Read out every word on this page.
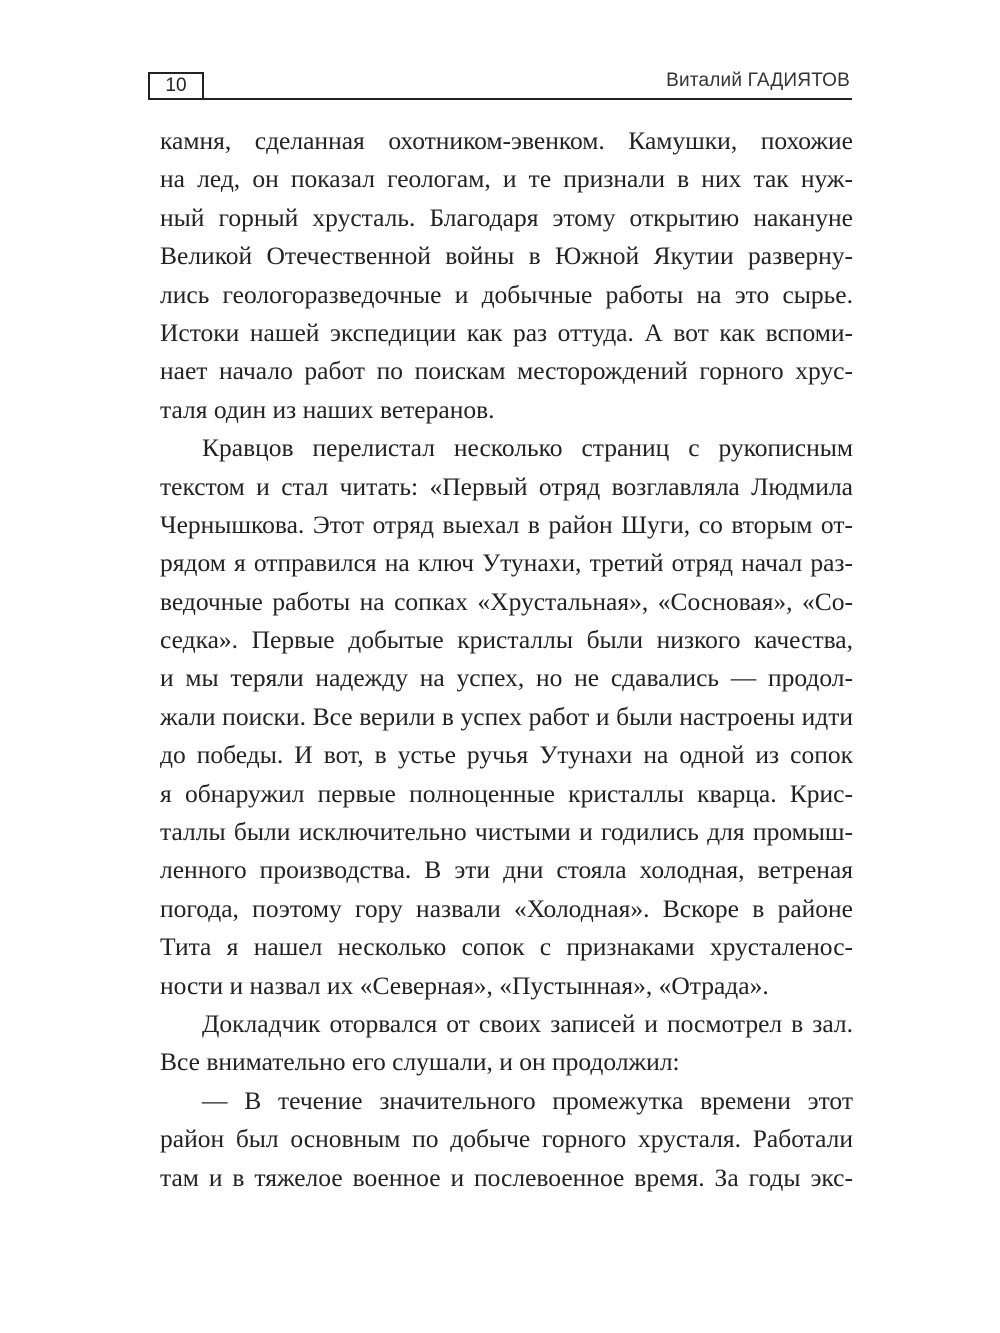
10	Виталий ГАДИЯТОВ
камня, сделанная охотником-эвенком. Камушки, похожие
на лед, он показал геологам, и те признали в них так нуж-
ный горный хрусталь. Благодаря этому открытию накануне
Великой Отечественной войны в Южной Якутии развернy-
лись геологоразведочные и добычные работы на это сырье.
Истоки нашей экспедиции как раз оттуда. А вот как вспоми-
нает начало работ по поискам месторождений горного хрус-
таля один из наших ветеранов.
Кравцов перелистал несколько страниц с рукописным
текстом и стал читать: «Первый отряд возглавляла Людмила
Чернышкова. Этот отряд выехал в район Шуги, со вторым от-
рядом я отправился на ключ Утунахи, третий отряд начал раз-
ведочные работы на сопках «Хрустальная», «Сосновая», «Со-
седка». Первые добытые кристаллы были низкого качества,
и мы теряли надежду на успех, но не сдавались — продол-
жали поиски. Все верили в успех работ и были настроены идти
до победы. И вот, в устье ручья Утунахи на одной из сопок
я обнаружил первые полноценные кристаллы кварца. Крис-
таллы были исключительно чистыми и годились для промыш-
ленного производства. В эти дни стояла холодная, ветреная
погода, поэтому гору назвали «Холодная». Вскоре в районе
Тита я нашел несколько сопок с признаками хрусталенос-
ности и назвал их «Северная», «Пустынная», «Отрада».
Докладчик оторвался от своих записей и посмотрел в зал.
Все внимательно его слушали, и он продолжил:
— В течение значительного промежутка времени этот
район был основным по добыче горного хрусталя. Работали
там и в тяжелое военное и послевоенное время. За годы экс-
